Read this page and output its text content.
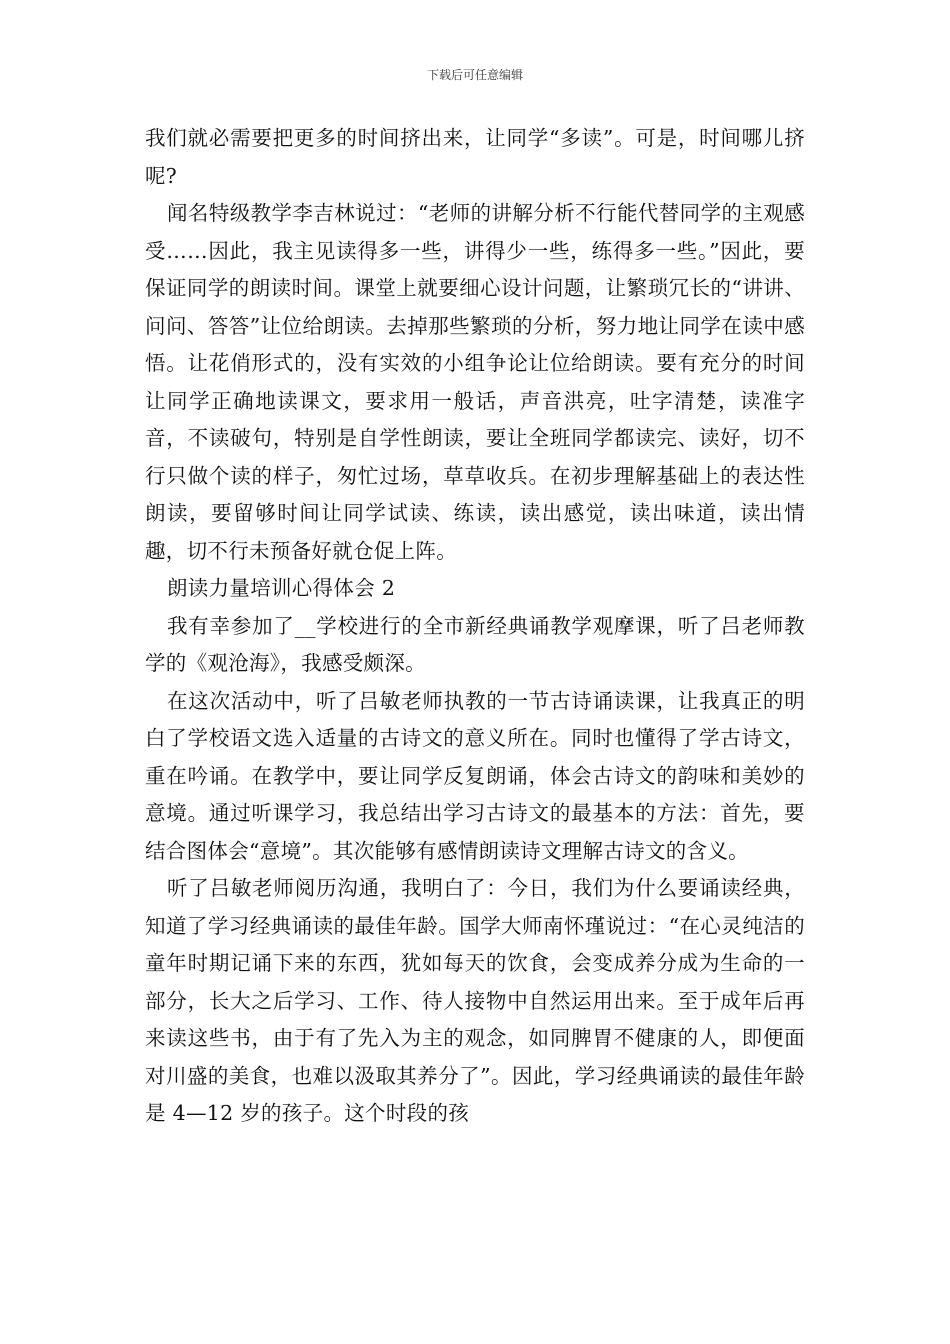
下载后可任意编辑

我们就必需要把更多的时间挤出来，让同学“多读”。可是，时间哪儿挤呢?

闻名特级教学李吉林说过：“老师的讲解分析不行能代替同学的主观感受……因此，我主见读得多一些，讲得少一些，练得多一些。”因此，要保证同学的朗读时间。课堂上就要细心设计问题，让繁琐冗长的“讲讲、问问、答答”让位给朗读。去掉那些繁琐的分析，努力地让同学在读中感悟。让花俏形式的，没有实效的小组争论让位给朗读。要有充分的时间让同学正确地读课文，要求用一般话，声音洪亮，吐字清楚，读准字音，不读破句，特别是自学性朗读，要让全班同学都读完、读好，切不行只做个读的样子，匆忙过场，草草收兵。在初步理解基础上的表达性朗读，要留够时间让同学试读、练读，读出感觉，读出味道，读出情趣，切不行未预备好就仓促上阵。

朗读力量培训心得体会 2

我有幸参加了__学校进行的全市新经典诵教学观摩课，听了吕老师教学的《观沧海》，我感受颇深。

在这次活动中，听了吕敏老师执教的一节古诗诵读课，让我真正的明白了学校语文选入适量的古诗文的意义所在。同时也懂得了学古诗文，重在吟诵。在教学中，要让同学反复朗诵，体会古诗文的韵味和美妙的意境。通过听课学习，我总结出学习古诗文的最基本的方法：首先，要结合图体会“意境”。其次能够有感情朗读诗文理解古诗文的含义。

听了吕敏老师阅历沟通，我明白了：今日，我们为什么要诵读经典，知道了学习经典诵读的最佳年龄。国学大师南怀瑾说过：“在心灵纯洁的童年时期记诵下来的东西，犹如每天的饮食，会变成养分成为生命的一部分，长大之后学习、工作、待人接物中自然运用出来。至于成年后再来读这些书，由于有了先入为主的观念，如同脾胃不健康的人，即便面对川盛的美食，也难以汲取其养分了”。因此，学习经典诵读的最佳年龄是 4—12 岁的孩子。这个时段的孩
